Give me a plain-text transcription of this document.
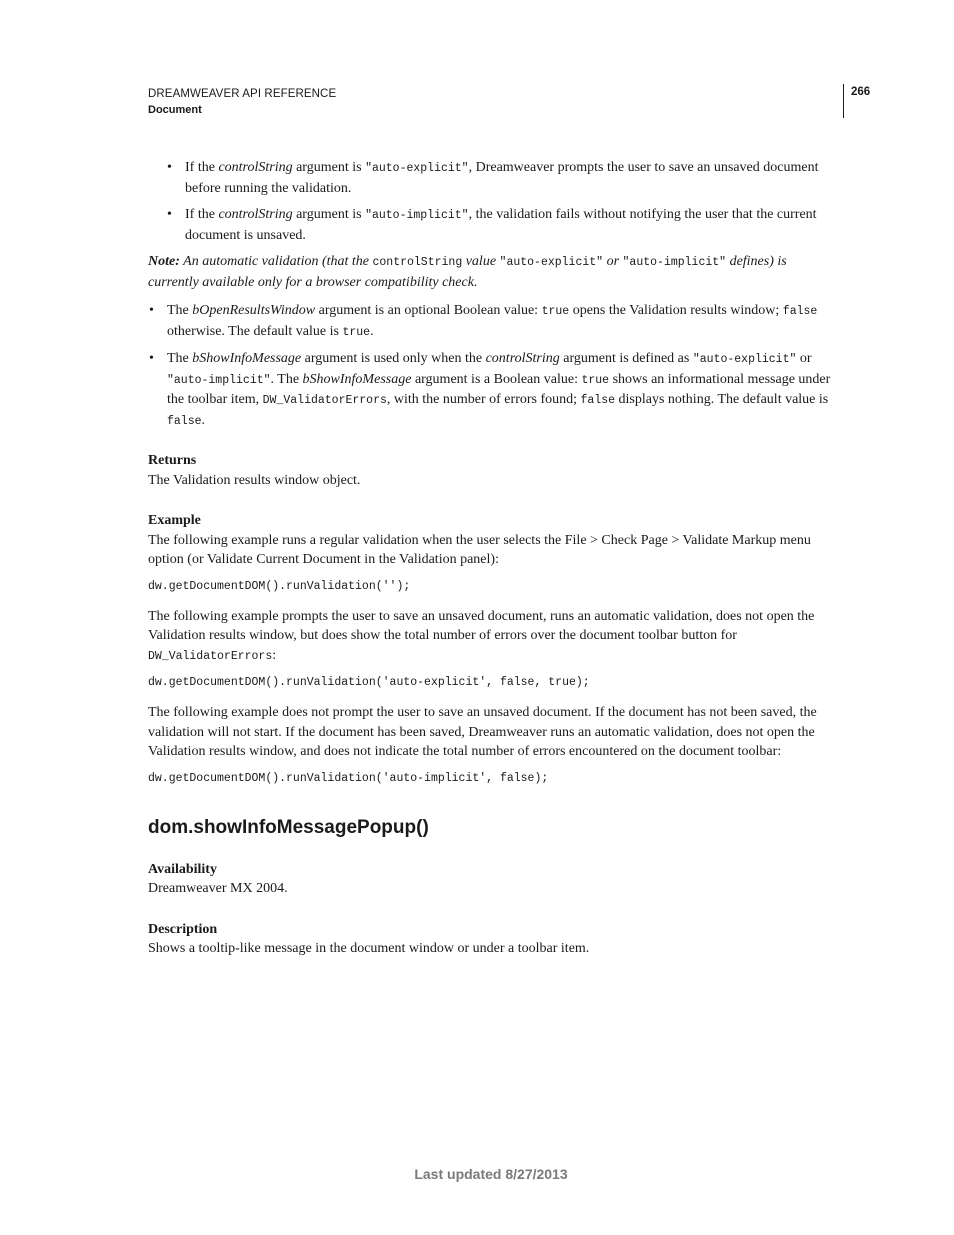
DREAMWEAVER API REFERENCE
Document
266
• If the controlString argument is "auto-explicit", Dreamweaver prompts the user to save an unsaved document before running the validation.
• If the controlString argument is "auto-implicit", the validation fails without notifying the user that the current document is unsaved.

Note: An automatic validation (that the controlString value "auto-explicit" or "auto-implicit" defines) is currently available only for a browser compatibility check.

• The bOpenResultsWindow argument is an optional Boolean value: true opens the Validation results window; false otherwise. The default value is true.
• The bShowInfoMessage argument is used only when the controlString argument is defined as "auto-explicit" or "auto-implicit". The bShowInfoMessage argument is a Boolean value: true shows an informational message under the toolbar item, DW_ValidatorErrors, with the number of errors found; false displays nothing. The default value is false.

Returns

The Validation results window object.

Example

The following example runs a regular validation when the user selects the File > Check Page > Validate Markup menu option (or Validate Current Document in the Validation panel):

dw.getDocumentDOM().runValidation('');

The following example prompts the user to save an unsaved document, runs an automatic validation, does not open the Validation results window, but does show the total number of errors over the document toolbar button for DW_ValidatorErrors:

dw.getDocumentDOM().runValidation('auto-explicit', false, true);

The following example does not prompt the user to save an unsaved document. If the document has not been saved, the validation will not start. If the document has been saved, Dreamweaver runs an automatic validation, does not open the Validation results window, and does not indicate the total number of errors encountered on the document toolbar:

dw.getDocumentDOM().runValidation('auto-implicit', false);

dom.showInfoMessagePopup()

Availability

Dreamweaver MX 2004.

Description

Shows a tooltip-like message in the document window or under a toolbar item.

Last updated 8/27/2013
